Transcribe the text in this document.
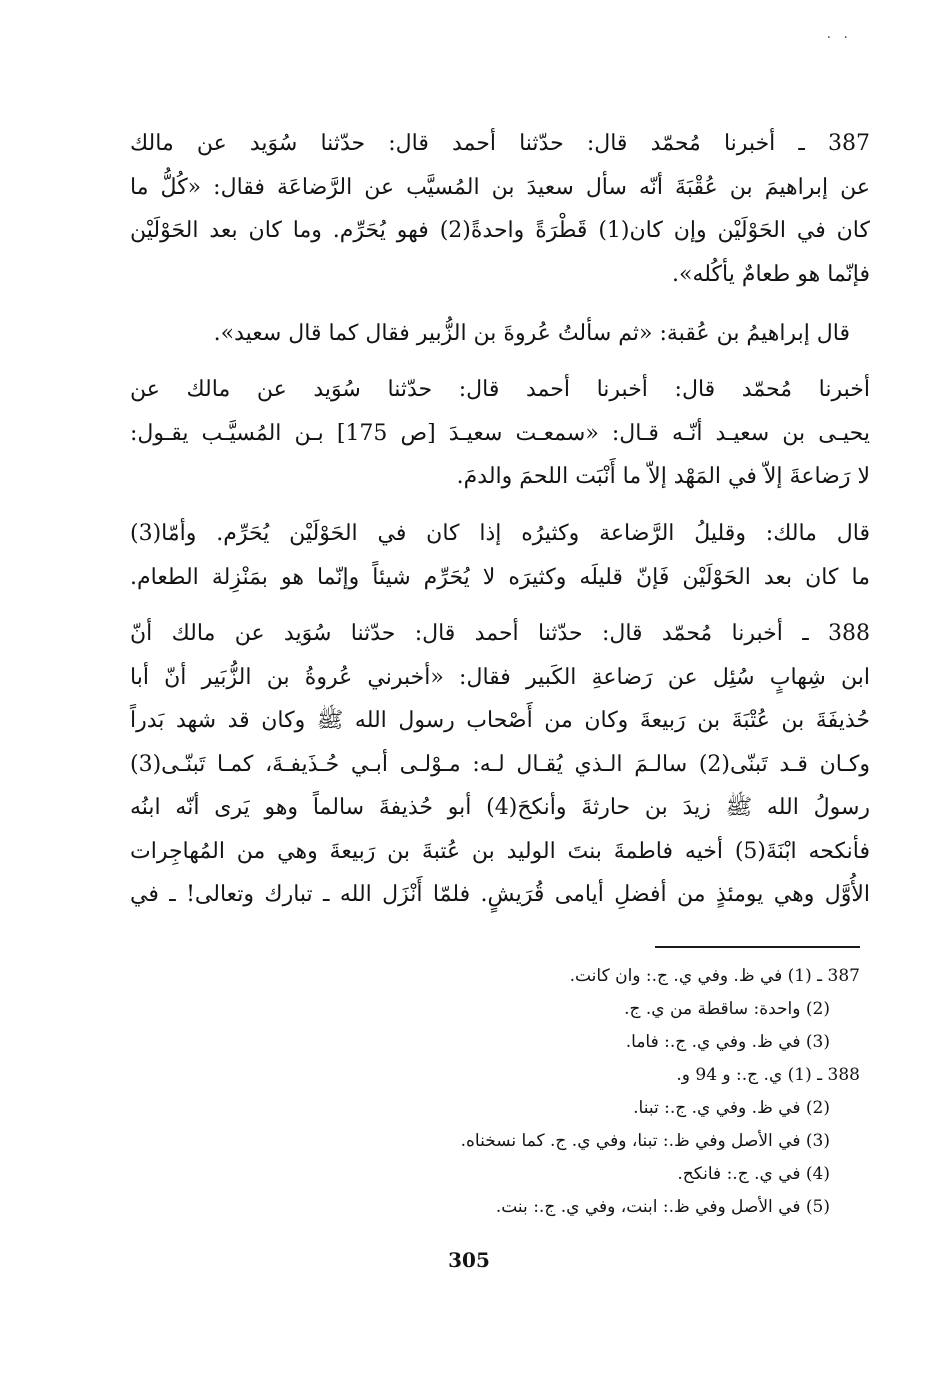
· ·
387 ـ أخبرنا مُحمّد قال: حدّثنا أحمد قال: حدّثنا سُوَيد عن مالك
عن إبراهيمَ بن عُقْبَةَ أنّه سأل سعيدَ بن المُسيَّب عن الرَّضاعَة فقال: «كُلُّ ما
كان في الحَوْلَيْن وإن كان(1) قَطْرَةً واحدةً(2) فهو يُحَرِّم. وما كان بعد الحَوْلَيْن
فإنّما هو طعامٌ يأكُله».
قال إبراهيمُ بن عُقبة: «ثم سألتُ عُروةَ بن الزُّبير فقال كما قال سعيد».
أخبرنا مُحمّد قال: أخبرنا أحمد قال: حدّثنا سُوَيد عن مالك عن
يحيـى بن سعيـد أنّـه قـال: «سمعـت سعيـدَ [ص 175] بـن المُسيَّـب يقـول:
لا رَضاعةَ إلاّ في المَهْد إلاّ ما أَنْبَت اللحمَ والدمَ.
قال مالك: وقليلُ الرَّضاعة وكثيرُه إذا كان في الحَوْلَيْن يُحَرِّم. وأمّا(3)
ما كان بعد الحَوْلَيْن فَإنّ قليلَه وكثيرَه لا يُحَرِّم شيئاً وإنّما هو بمَنْزِلة الطعام.
388 ـ أخبرنا مُحمّد قال: حدّثنا أحمد قال: حدّثنا سُوَيد عن مالك أنّ
ابن شِهابٍ سُئِل عن رَضاعةِ الكَبير فقال: «أخبرني عُروةُ بن الزُّبَير أنّ أبا
حُذيفَةَ بن عُتْبَةَ بن رَبيعةَ وكان من أَصْحاب رسول الله ﷺ وكان قد شهد بَدراً
وكـان قـد تَبنّى(2) سالـمَ الـذي يُقـال لـه: مـوْلـى أبـي حُـذَيفـةَ، كمـا تَبنّـى(3)
رسولُ الله ﷺ زيدَ بن حارثةَ وأنكحَ(4) أبو حُذيفةَ سالماً وهو يَرى أنّه ابنُه
فأنكحه ابْنَةَ(5) أخيه فاطمةَ بنتَ الوليد بن عُتبةَ بن رَبيعةَ وهي من المُهاجِرات
الأُوَّل وهي يومئذٍ من أفضلِ أيامى قُرَيشٍ. فلمّا أَنْزَل الله ـ تبارك وتعالى! ـ في
387 ـ (1) في ظ. وفي ي. ج.: وان كانت.
(2) واحدة: ساقطة من ي. ج.
(3) في ظ. وفي ي. ج.: فاما.
388 ـ (1) ي. ج.: و 94 و.
(2) في ظ. وفي ي. ج.: تبنا.
(3) في الأصل وفي ظ.: تبنا، وفي ي. ج. كما نسخناه.
(4) في ي. ج.: فانكح.
(5) في الأصل وفي ظ.: ابنت، وفي ي. ج.: بنت.
305
